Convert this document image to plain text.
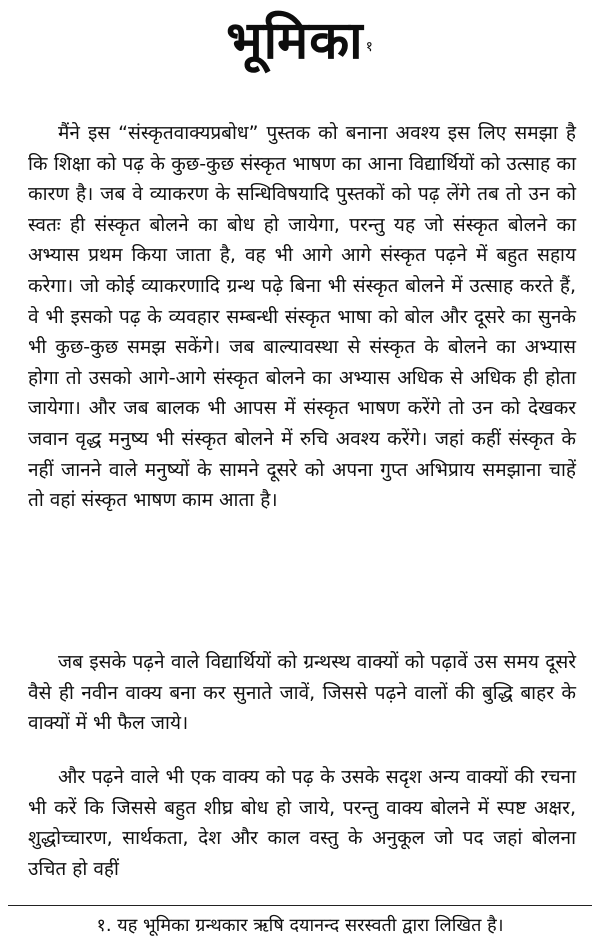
भूमिका $^१$

मैंने इस “संस्कृतवाक्यप्रबोध” पुस्तक को बनाना अवश्य इस लिए समझा है कि शिक्षा को पढ़ के कुछ-कुछ संस्कृत भाषण का आना विद्यार्थियों को उत्साह का कारण है। जब वे व्याकरण के सन्धिविषयादि पुस्तकों को पढ़ लेंगे तब तो उन को स्वतः ही संस्कृत बोलने का बोध हो जायेगा, परन्तु यह जो संस्कृत बोलने का अभ्यास प्रथम किया जाता है, वह भी आगे आगे संस्कृत पढ़ने में बहुत सहाय करेगा। जो कोई व्याकरणादि ग्रन्थ पढ़े बिना भी संस्कृत बोलने में उत्साह करते हैं, वे भी इसको पढ़ के व्यवहार सम्बन्धी संस्कृत भाषा को बोल और दूसरे का सुनके भी कुछ-कुछ समझ सकेंगे। जब बाल्यावस्था से संस्कृत के बोलने का अभ्यास होगा तो उसको आगे-आगे संस्कृत बोलने का अभ्यास अधिक से अधिक ही होता जायेगा। और जब बालक भी आपस में संस्कृत भाषण करेंगे तो उन को देखकर जवान वृद्ध मनुष्य भी संस्कृत बोलने में रुचि अवश्य करेंगे। जहां कहीं संस्कृत के नहीं जानने वाले मनुष्यों के सामने दूसरे को अपना गुप्त अभिप्राय समझाना चाहें तो वहां संस्कृत भाषण काम आता है।

जब इसके पढ़ने वाले विद्यार्थियों को ग्रन्थस्थ वाक्यों को पढ़ावें उस समय दूसरे वैसे ही नवीन वाक्य बना कर सुनाते जावें, जिससे पढ़ने वालों की बुद्धि बाहर के वाक्यों में भी फैल जाये।

और पढ़ने वाले भी एक वाक्य को पढ़ के उसके सदृश अन्य वाक्यों की रचना भी करें कि जिससे बहुत शीघ्र बोध हो जाये, परन्तु वाक्य बोलने में स्पष्ट अक्षर, शुद्धोच्चारण, सार्थकता, देश और काल वस्तु के अनुकूल जो पद जहां बोलना उचित हो वहीं

१. यह भूमिका ग्रन्थकार ऋषि दयानन्द सरस्वती द्वारा लिखित है।
